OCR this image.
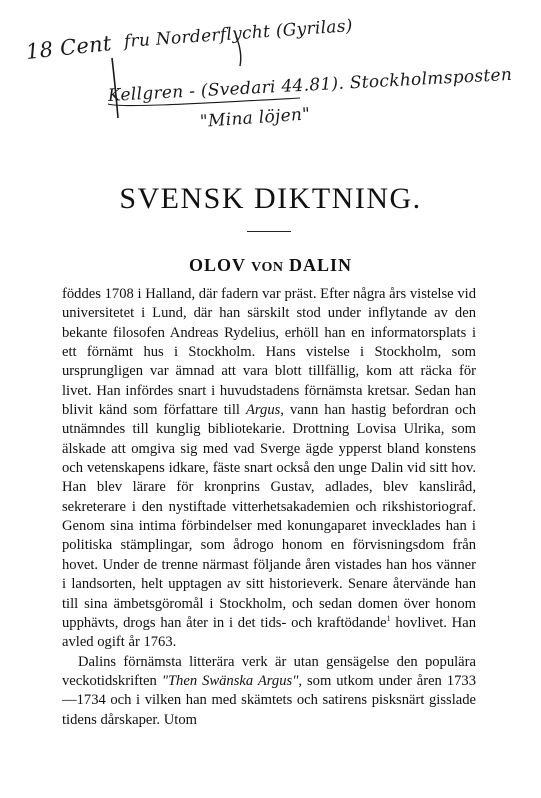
18 Cent fru Norderflycht (Gyrilas)
Kellgren - (Svedari 44.81). Stockholmsposten
"Mina löjen"
SVENSK DIKTNING.
OLOV VON DALIN

föddes 1708 i Halland, där fadern var präst. Efter några års vistelse vid universitetet i Lund, där han särskilt stod under inflytande av den bekante filosofen Andreas Rydelius, erhöll han en informatorsplats i ett förnämt hus i Stockholm. Hans vistelse i Stockholm, som ursprungligen var ämnad att vara blott tillfällig, kom att räcka för livet. Han infördes snart i huvudstadens förnämsta kretsar. Sedan han blivit känd som författare till Argus, vann han hastig befordran och utnämndes till kunglig bibliotekarie. Drottning Lovisa Ulrika, som älskade att omgiva sig med vad Sverge ägde ypperst bland konstens och vetenskapens idkare, fäste snart också den unge Dalin vid sitt hov. Han blev lärare för kronprins Gustav, adlades, blev kansliråd, sekreterare i den nystiftade vitterhetsakademien och rikshistoriograf. Genom sina intima förbindelser med konungaparet invecklades han i politiska stämplingar, som ådrogo honom en förvisningsdom från hovet. Under de trenne närmast följande åren vistades han hos vänner i landsorten, helt upptagen av sitt historieverk. Senare återvände han till sina ämbetsgöromål i Stockholm, och sedan domen över honom upphävts, drogs han åter in i det tids- och kraftödande$^1$ hovlivet. Han avled ogift år 1763.

Dalins förnämsta litterära verk är utan gensägelse den populära veckotidskriften "Then Swänska Argus", som utkom under åren 1733—1734 och i vilken han med skämtets och satirens pisksnärt gisslade tidens dårskaper. Utom
